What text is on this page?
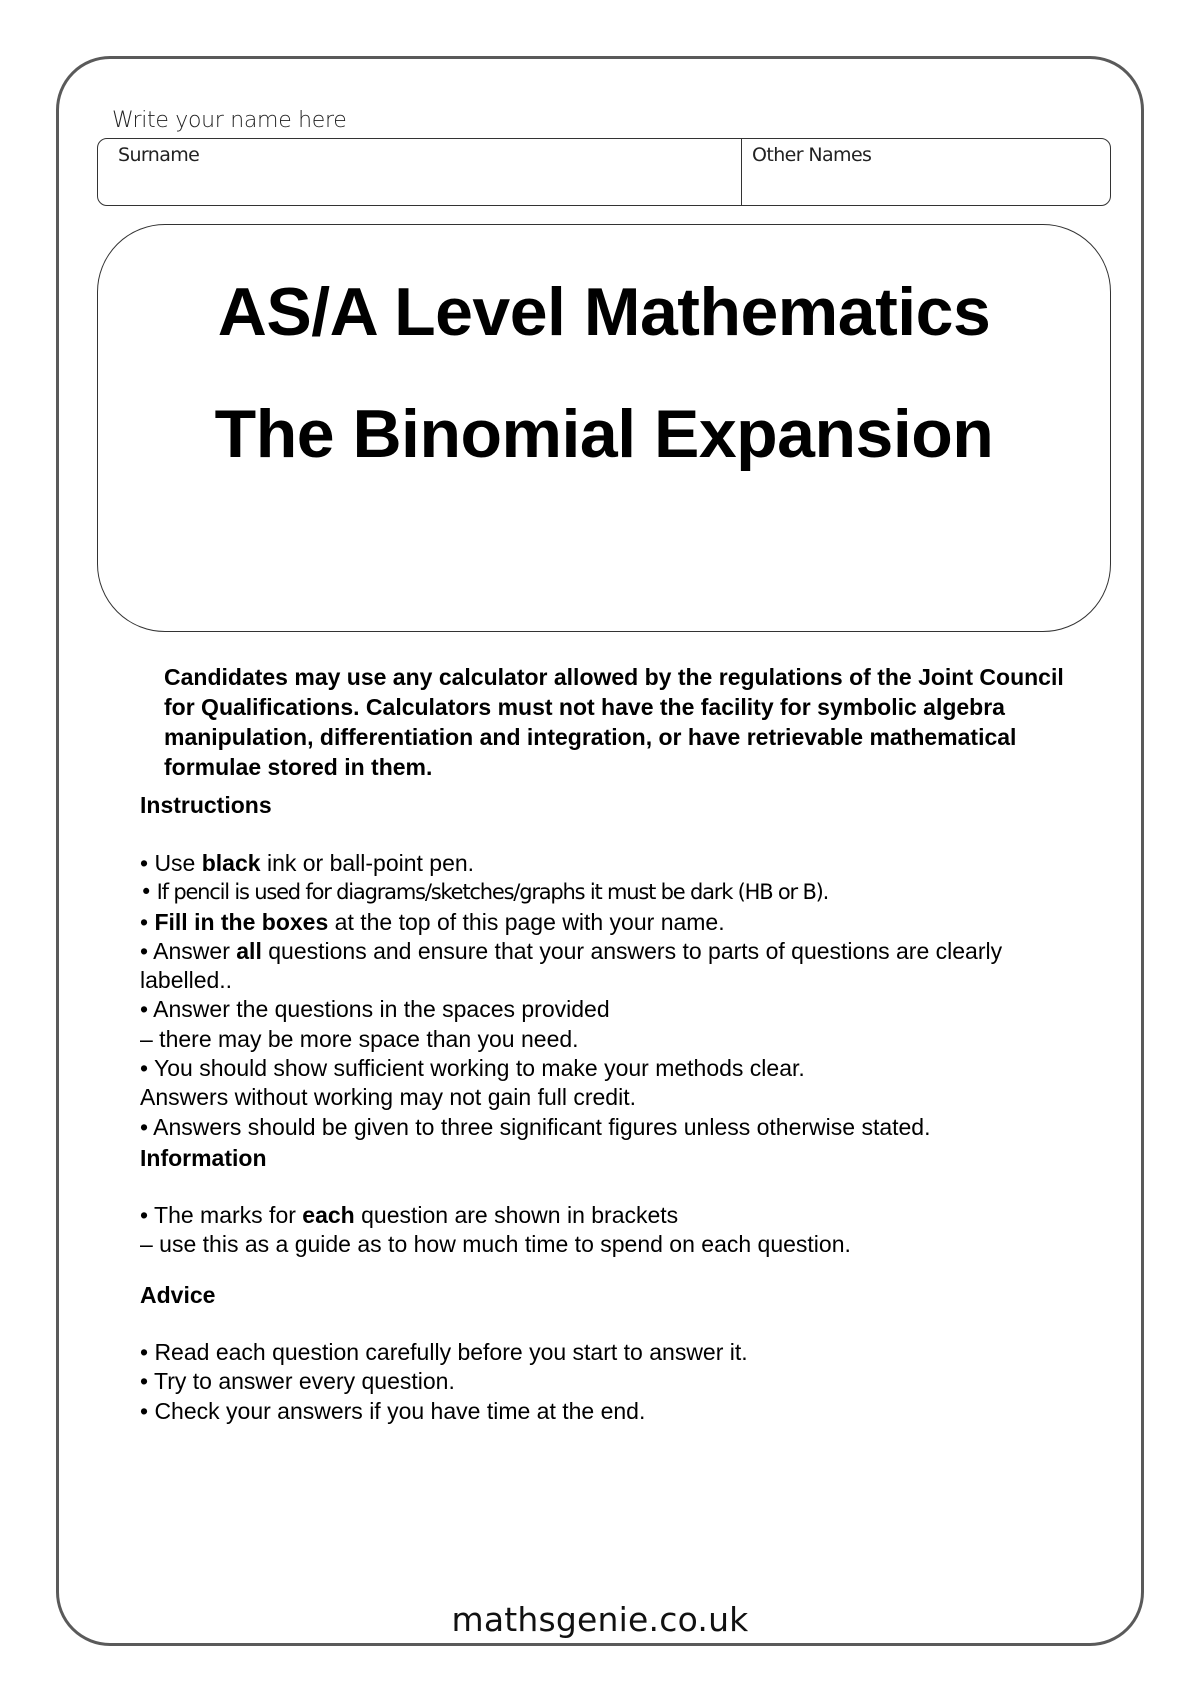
Write your name here
Surname	Other Names
AS/A Level Mathematics
The Binomial Expansion
Candidates may use any calculator allowed by the regulations of the Joint Council for Qualifications. Calculators must not have the facility for symbolic algebra manipulation, differentiation and integration, or have retrievable mathematical formulae stored in them.
Instructions
• Use black ink or ball-point pen.
• If pencil is used for diagrams/sketches/graphs it must be dark (HB or B).
• Fill in the boxes at the top of this page with your name.
• Answer all questions and ensure that your answers to parts of questions are clearly labelled..
• Answer the questions in the spaces provided
– there may be more space than you need.
• You should show sufficient working to make your methods clear.
Answers without working may not gain full credit.
• Answers should be given to three significant figures unless otherwise stated.
Information
• The marks for each question are shown in brackets
– use this as a guide as to how much time to spend on each question.
Advice
• Read each question carefully before you start to answer it.
• Try to answer every question.
• Check your answers if you have time at the end.
mathsgenie.co.uk
